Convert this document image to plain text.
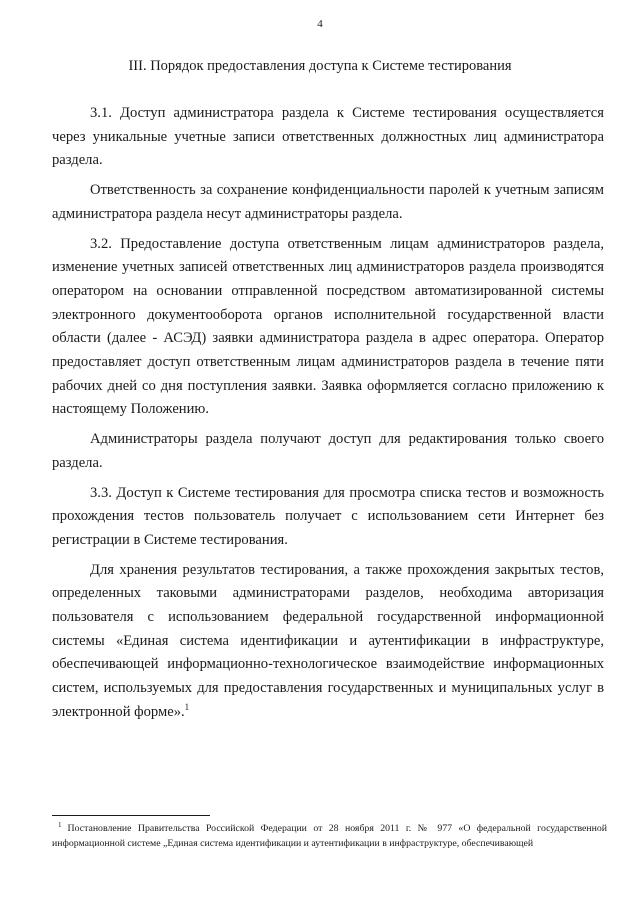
4
III. Порядок предоставления доступа к Системе тестирования

3.1. Доступ администратора раздела к Системе тестирования осуществляется через уникальные учетные записи ответственных должностных лиц администратора раздела.

Ответственность за сохранение конфиденциальности паролей к учетным записям администратора раздела несут администраторы раздела.

3.2. Предоставление доступа ответственным лицам администраторов раздела, изменение учетных записей ответственных лиц администраторов раздела производятся оператором на основании отправленной посредством автоматизированной системы электронного документооборота органов исполнительной государственной власти области (далее - АСЭД) заявки администратора раздела в адрес оператора. Оператор предоставляет доступ ответственным лицам администраторов раздела в течение пяти рабочих дней со дня поступления заявки. Заявка оформляется согласно приложению к настоящему Положению.

Администраторы раздела получают доступ для редактирования только своего раздела.

3.3. Доступ к Системе тестирования для просмотра списка тестов и возможность прохождения тестов пользователь получает с использованием сети Интернет без регистрации в Системе тестирования.

Для хранения результатов тестирования, а также прохождения закрытых тестов, определенных таковыми администраторами разделов, необходима авторизация пользователя с использованием федеральной государственной информационной системы «Единая система идентификации и аутентификации в инфраструктуре, обеспечивающей информационно-технологическое взаимодействие информационных систем, используемых для предоставления государственных и муниципальных услуг в электронной форме».$^1$

$^1$ Постановление Правительства Российской Федерации от 28 ноября 2011 г. № 977 «О федеральной государственной информационной системе „Единая система идентификации и аутентификации в инфраструктуре, обеспечивающей
